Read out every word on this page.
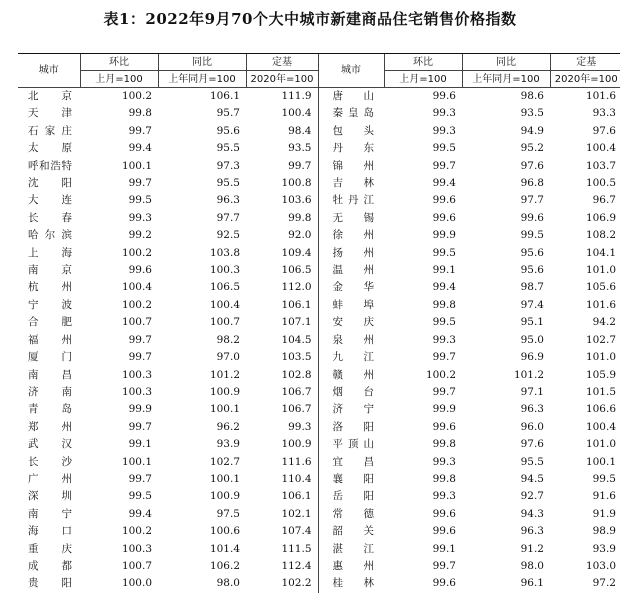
表1：2022年9月70个大中城市新建商品住宅销售价格指数
城市	环比	同比	定基	城市	环比	同比	定基
	上月=100	上年同月=100	2020年=100		上月=100	上年同月=100	2020年=100
北京	100.2	106.1	111.9	唐山	99.6	98.6	101.6
天津	99.8	95.7	100.4	秦皇岛	99.3	93.5	93.3
石家庄	99.7	95.6	98.4	包头	99.3	94.9	97.6
太原	99.4	95.5	93.5	丹东	99.5	95.2	100.4
呼和浩特	100.1	97.3	99.7	锦州	99.7	97.6	103.7
沈阳	99.7	95.5	100.8	吉林	99.4	96.8	100.5
大连	99.5	96.3	103.6	牡丹江	99.6	97.7	96.7
长春	99.3	97.7	99.8	无锡	99.6	99.6	106.9
哈尔滨	99.2	92.5	92.0	徐州	99.9	99.5	108.2
上海	100.2	103.8	109.4	扬州	99.5	95.6	104.1
南京	99.6	100.3	106.5	温州	99.1	95.6	101.0
杭州	100.4	106.5	112.0	金华	99.4	98.7	105.6
宁波	100.2	100.4	106.1	蚌埠	99.8	97.4	101.6
合肥	100.7	100.7	107.1	安庆	99.5	95.1	94.2
福州	99.7	98.2	104.5	泉州	99.3	95.0	102.7
厦门	99.7	97.0	103.5	九江	99.7	96.9	101.0
南昌	100.3	101.2	102.8	赣州	100.2	101.2	105.9
济南	100.3	100.9	106.7	烟台	99.7	97.1	101.5
青岛	99.9	100.1	106.7	济宁	99.9	96.3	106.6
郑州	99.7	96.2	99.3	洛阳	99.6	96.0	100.4
武汉	99.1	93.9	100.9	平顶山	99.8	97.6	101.0
长沙	100.1	102.7	111.6	宜昌	99.3	95.5	100.1
广州	99.7	100.1	110.4	襄阳	99.8	94.5	99.5
深圳	99.5	100.9	106.1	岳阳	99.3	92.7	91.6
南宁	99.4	97.5	102.1	常德	99.6	94.3	91.9
海口	100.2	100.6	107.4	韶关	99.6	96.3	98.9
重庆	100.3	101.4	111.5	湛江	99.1	91.2	93.9
成都	100.7	106.2	112.4	惠州	99.7	98.0	103.0
贵阳	100.0	98.0	102.2	桂林	99.6	96.1	97.2
